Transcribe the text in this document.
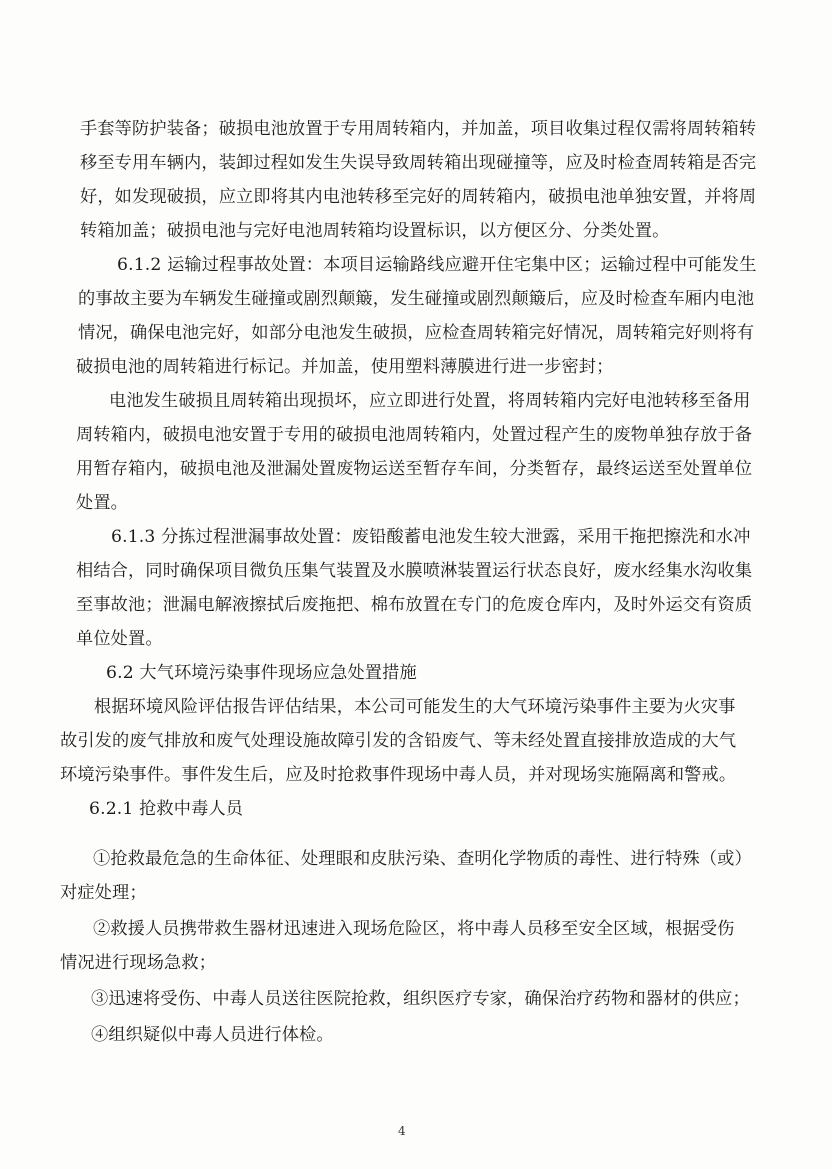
手套等防护装备；破损电池放置于专用周转箱内，并加盖，项目收集过程仅需将周转箱转
移至专用车辆内，装卸过程如发生失误导致周转箱出现碰撞等，应及时检查周转箱是否完
好，如发现破损，应立即将其内电池转移至完好的周转箱内，破损电池单独安置，并将周
转箱加盖；破损电池与完好电池周转箱均设置标识，以方便区分、分类处置。
6.1.2 运输过程事故处置：本项目运输路线应避开住宅集中区；运输过程中可能发生
的事故主要为车辆发生碰撞或剧烈颠簸，发生碰撞或剧烈颠簸后，应及时检查车厢内电池
情况，确保电池完好，如部分电池发生破损，应检查周转箱完好情况，周转箱完好则将有
破损电池的周转箱进行标记。并加盖，使用塑料薄膜进行进一步密封；
电池发生破损且周转箱出现损坏，应立即进行处置，将周转箱内完好电池转移至备用
周转箱内，破损电池安置于专用的破损电池周转箱内，处置过程产生的废物单独存放于备
用暂存箱内，破损电池及泄漏处置废物运送至暂存车间，分类暂存，最终运送至处置单位
处置。
6.1.3 分拣过程泄漏事故处置：废铅酸蓄电池发生较大泄露，采用干拖把擦洗和水冲
相结合，同时确保项目微负压集气装置及水膜喷淋装置运行状态良好，废水经集水沟收集
至事故池；泄漏电解液擦拭后废拖把、棉布放置在专门的危废仓库内，及时外运交有资质
单位处置。
6.2 大气环境污染事件现场应急处置措施
根据环境风险评估报告评估结果，本公司可能发生的大气环境污染事件主要为火灾事
故引发的废气排放和废气处理设施故障引发的含铅废气、等未经处置直接排放造成的大气
环境污染事件。事件发生后，应及时抢救事件现场中毒人员，并对现场实施隔离和警戒。
6.2.1 抢救中毒人员
①抢救最危急的生命体征、处理眼和皮肤污染、查明化学物质的毒性、进行特殊（或）
对症处理；
②救援人员携带救生器材迅速进入现场危险区，将中毒人员移至安全区域，根据受伤
情况进行现场急救；
③迅速将受伤、中毒人员送往医院抢救，组织医疗专家，确保治疗药物和器材的供应；
④组织疑似中毒人员进行体检。
4
